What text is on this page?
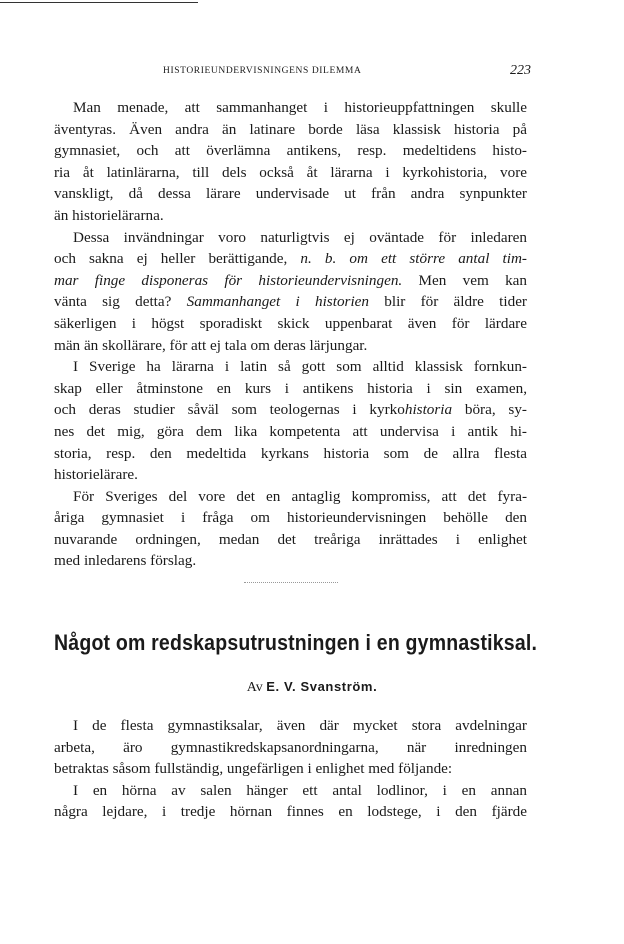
HISTORIEUNDERVISNINGENS DILEMMA	223
Man menade, att sammanhanget i historieuppfattningen skulle
äventyras. Även andra än latinare borde läsa klassisk historia på
gymnasiet, och att överlämna antikens, resp. medeltidens histo-
ria åt latinlärarna, till dels också åt lärarna i kyrkohistoria, vore
vanskligt, då dessa lärare undervisade ut från andra synpunkter
än historielärarna.
Dessa invändningar voro naturligtvis ej oväntade för inledaren
och sakna ej heller berättigande, n. b. om ett större antal tim-
mar finge disponeras för historieundervisningen. Men vem kan
vänta sig detta? Sammanhanget i historien blir för äldre tider
säkerligen i högst sporadiskt skick uppenbarat även för lärdare
män än skollärare, för att ej tala om deras lärjungar.
I Sverige ha lärarna i latin så gott som alltid klassisk fornkun-
skap eller åtminstone en kurs i antikens historia i sin examen,
och deras studier såväl som teologernas i kyrkohistoria böra, sy-
nes det mig, göra dem lika kompetenta att undervisa i antik hi-
storia, resp. den medeltida kyrkans historia som de allra flesta
historielärare.
För Sveriges del vore det en antaglig kompromiss, att det fyra-
åriga gymnasiet i fråga om historieundervisningen behölle den
nuvarande ordningen, medan det treåriga inrättades i enlighet
med inledarens förslag.
Något om redskapsutrustningen i en gymnastiksal.
Av E. V. Svanström.
I de flesta gymnastiksalar, även där mycket stora avdelningar
arbeta, äro gymnastikredskapsanordningarna, när inredningen
betraktas såsom fullständig, ungefärligen i enlighet med följande:
I en hörna av salen hänger ett antal lodlinor, i en annan
några lejdare, i tredje hörnan finnes en lodstege, i den fjärde
